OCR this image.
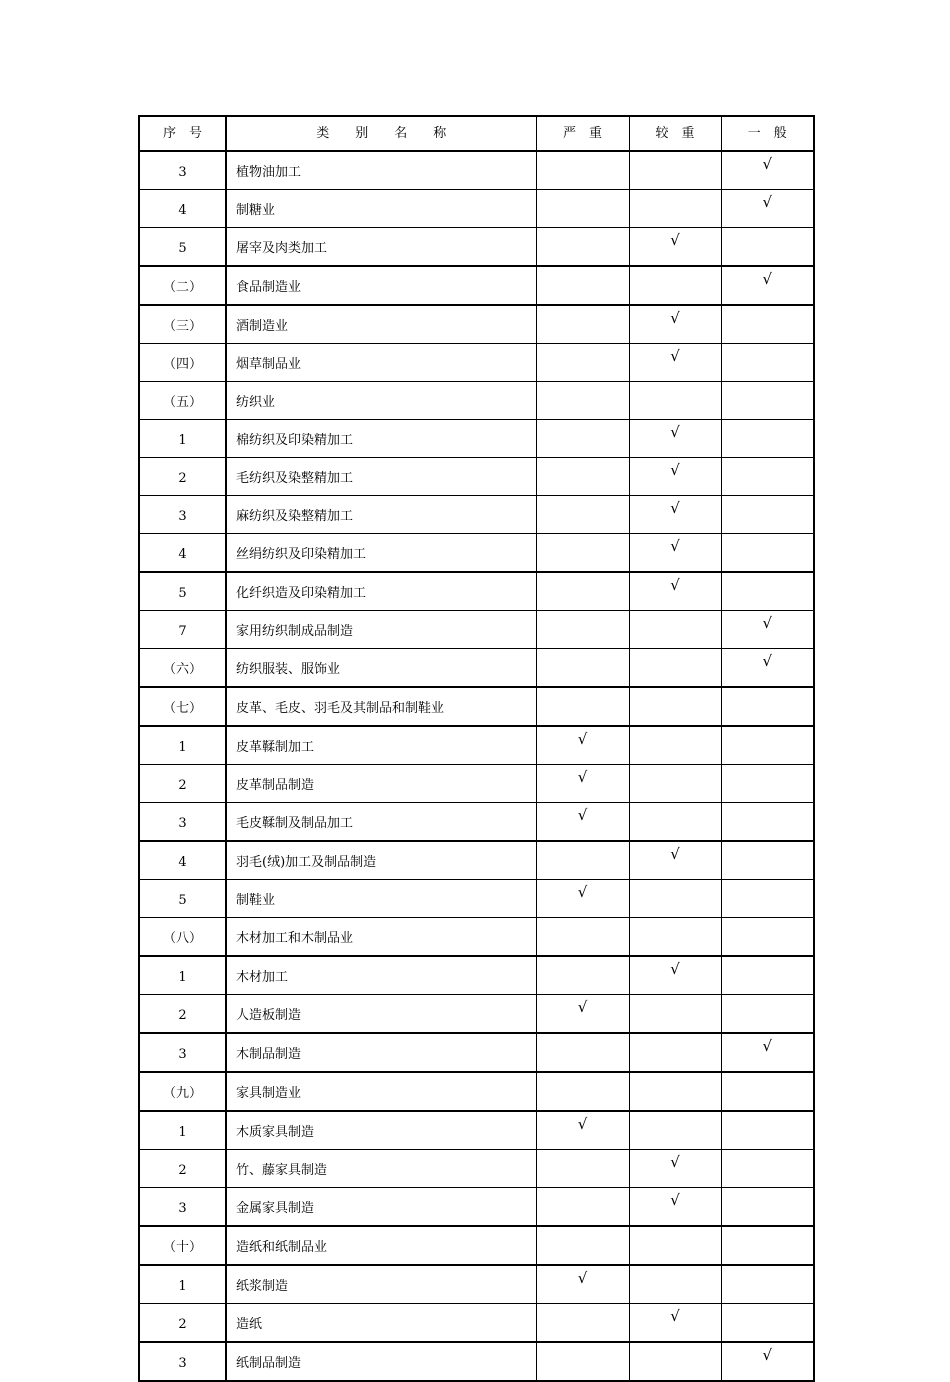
序　号	类　　别　　名　　称	严　重	较　重	一　般
3	植物油加工			√
4	制糖业			√
5	屠宰及肉类加工		√	
（二）	食品制造业			√
（三）	酒制造业		√	
（四）	烟草制品业		√	
（五）	纺织业			
1	棉纺织及印染精加工		√	
2	毛纺织及染整精加工		√	
3	麻纺织及染整精加工		√	
4	丝绢纺织及印染精加工		√	
5	化纤织造及印染精加工		√	
7	家用纺织制成品制造			√
（六）	纺织服装、服饰业			√
（七）	皮革、毛皮、羽毛及其制品和制鞋业			
1	皮革鞣制加工	√		
2	皮革制品制造	√		
3	毛皮鞣制及制品加工	√		
4	羽毛(绒)加工及制品制造		√	
5	制鞋业	√		
（八）	木材加工和木制品业			
1	木材加工		√	
2	人造板制造	√		
3	木制品制造			√
（九）	家具制造业			
1	木质家具制造	√		
2	竹、藤家具制造		√	
3	金属家具制造		√	
（十）	造纸和纸制品业			
1	纸浆制造	√		
2	造纸		√	
3	纸制品制造			√
